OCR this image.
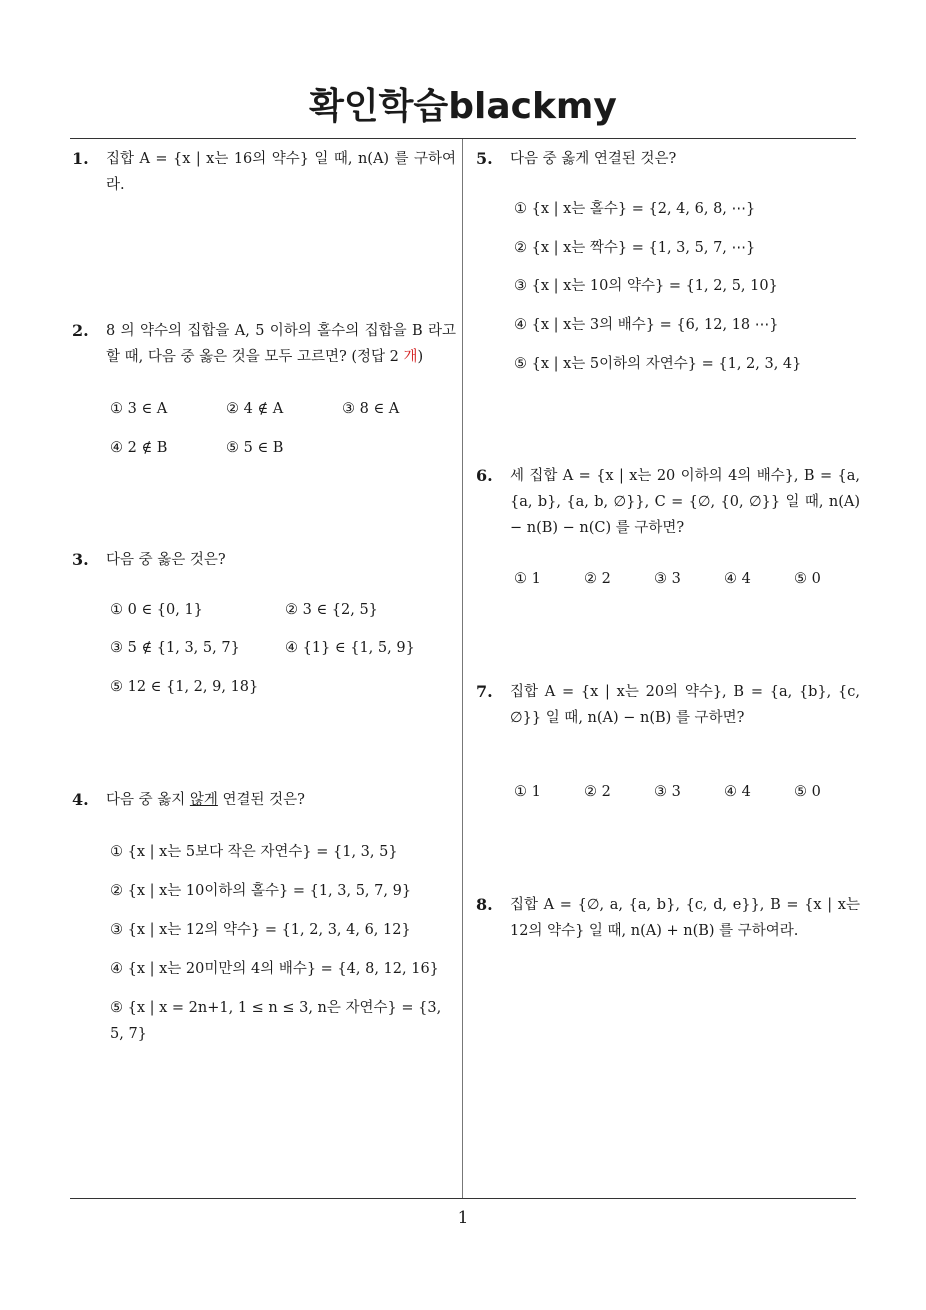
확인학습blackmy
1
1. 집합 A = {x | x는 16의 약수} 일 때, n(A) 를 구하여라.
2. 8 의 약수의 집합을 A, 5 이하의 홀수의 집합을 B 라고 할 때, 다음 중 옳은 것을 모두 고르면? (정답 2 개)
① 3 ∈ A	② 4 ∉ A	③ 8 ∈ A
④ 2 ∉ B	⑤ 5 ∈ B
3. 다음 중 옳은 것은?
① 0 ∈ {0, 1}	② 3 ∈ {2, 5}
③ 5 ∉ {1, 3, 5, 7}	④ {1} ∈ {1, 5, 9}
⑤ 12 ∈ {1, 2, 9, 18}
4. 다음 중 옳지 않게 연결된 것은?
① {x | x는 5보다 작은 자연수} = {1, 3, 5}
② {x | x는 10이하의 홀수} = {1, 3, 5, 7, 9}
③ {x | x는 12의 약수} = {1, 2, 3, 4, 6, 12}
④ {x | x는 20미만의 4의 배수} = {4, 8, 12, 16}
⑤ {x | x = 2n+1, 1 ≤ n ≤ 3, n은 자연수} = {3, 5, 7}
5. 다음 중 옳게 연결된 것은?
① {x | x는 홀수} = {2, 4, 6, 8, ⋯}
② {x | x는 짝수} = {1, 3, 5, 7, ⋯}
③ {x | x는 10의 약수} = {1, 2, 5, 10}
④ {x | x는 3의 배수} = {6, 12, 18 ⋯}
⑤ {x | x는 5이하의 자연수} = {1, 2, 3, 4}
6. 세 집합 A = {x | x는 20 이하의 4의 배수}, B = {a, {a, b}, {a, b, ∅}}, C = {∅, {0, ∅}} 일 때, n(A) − n(B) − n(C) 를 구하면?
① 1	② 2	③ 3	④ 4	⑤ 0
7. 집합 A = {x | x는 20의 약수}, B = {a, {b}, {c, ∅}} 일 때, n(A) − n(B) 를 구하면?
① 1	② 2	③ 3	④ 4	⑤ 0
8. 집합 A = {∅, a, {a, b}, {c, d, e}}, B = {x | x는 12의 약수} 일 때, n(A) + n(B) 를 구하여라.
